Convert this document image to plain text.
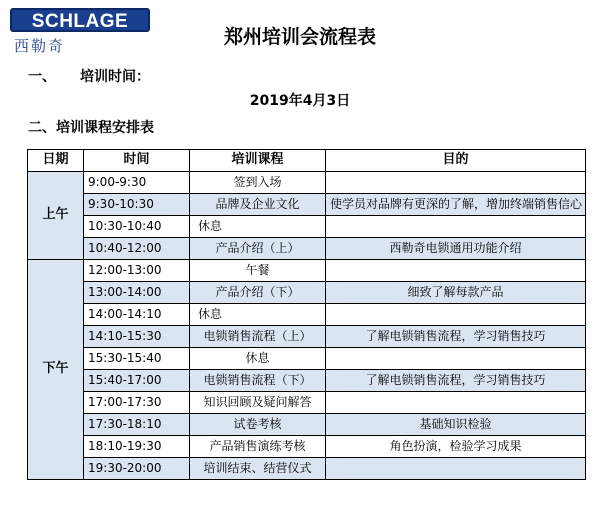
SCHLAGE
西勒奇	郑州培训会流程表
一、 培训时间：
2019年4月3日
二、培训课程安排表
日期	时间	培训课程	目的
上午	9:00-9:30	签到入场	
	9:30-10:30	品牌及企业文化	使学员对品牌有更深的了解，增加终端销售信心
	10:30-10:40	休息	
	10:40-12:00	产品介绍（上）	西勒奇电锁通用功能介绍
下午	12:00-13:00	午餐	
	13:00-14:00	产品介绍（下）	细致了解每款产品
	14:00-14:10	休息	
	14:10-15:30	电锁销售流程（上）	了解电锁销售流程，学习销售技巧
	15:30-15:40	休息	
	15:40-17:00	电锁销售流程（下）	了解电锁销售流程，学习销售技巧
	17:00-17:30	知识回顾及疑问解答	
	17:30-18:10	试卷考核	基础知识检验
	18:10-19:30	产品销售演练考核	角色扮演，检验学习成果
	19:30-20:00	培训结束、结营仪式	
